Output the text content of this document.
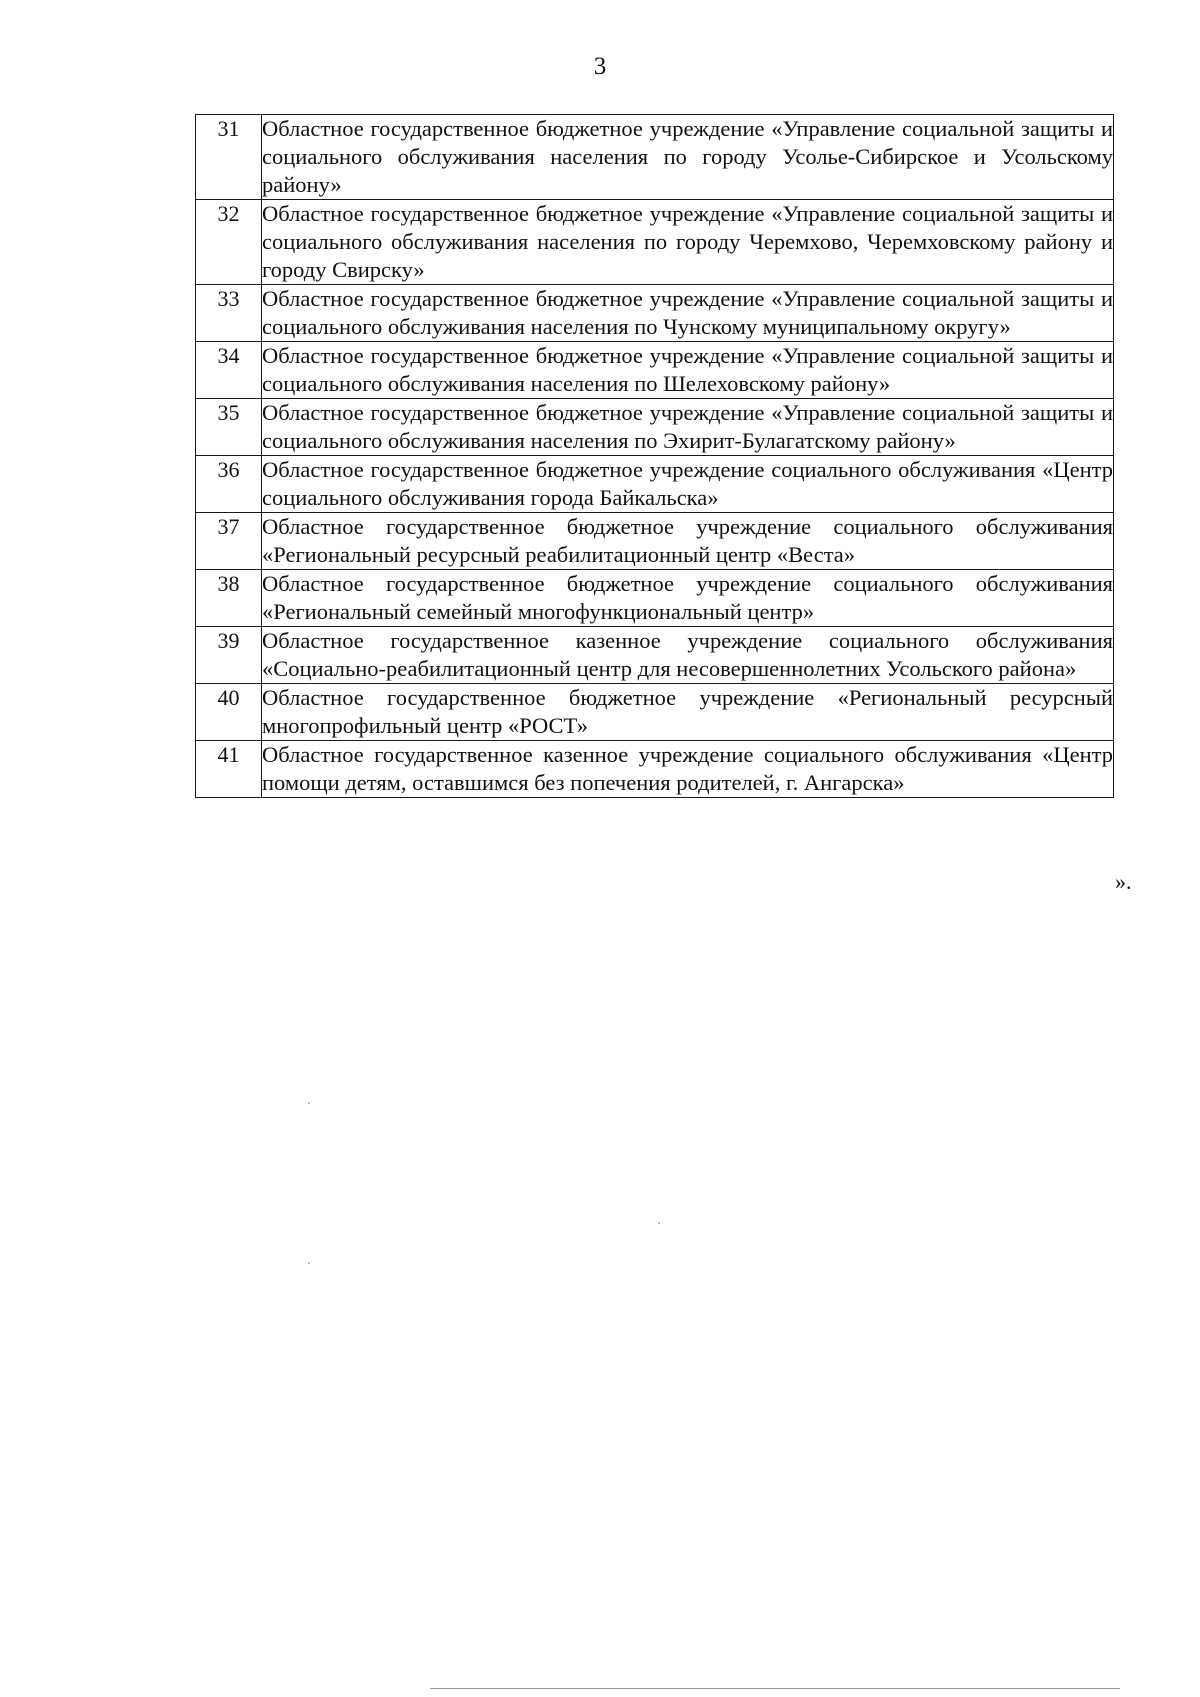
3
31	Областное государственное бюджетное учреждение «Управление социальной защиты и социального обслуживания населения по городу Усолье-Сибирское и Усольскому району»
32	Областное государственное бюджетное учреждение «Управление социальной защиты и социального обслуживания населения по городу Черемхово, Черемховскому району и городу Свирску»
33	Областное государственное бюджетное учреждение «Управление социальной защиты и социального обслуживания населения по Чунскому муниципальному округу»
34	Областное государственное бюджетное учреждение «Управление социальной защиты и социального обслуживания населения по Шелеховскому району»
35	Областное государственное бюджетное учреждение «Управление социальной защиты и социального обслуживания населения по Эхирит-Булагатскому району»
36	Областное государственное бюджетное учреждение социального обслуживания «Центр социального обслуживания города Байкальска»
37	Областное государственное бюджетное учреждение социального обслуживания «Региональный ресурсный реабилитационный центр «Веста»
38	Областное государственное бюджетное учреждение социального обслуживания «Региональный семейный многофункциональный центр»
39	Областное государственное казенное учреждение социального обслуживания «Социально-реабилитационный центр для несовершеннолетних Усольского района»
40	Областное государственное бюджетное учреждение «Региональный ресурсный многопрофильный центр «РОСТ»
41	Областное государственное казенное учреждение социального обслуживания «Центр помощи детям, оставшимся без попечения родителей, г. Ангарска»
».
